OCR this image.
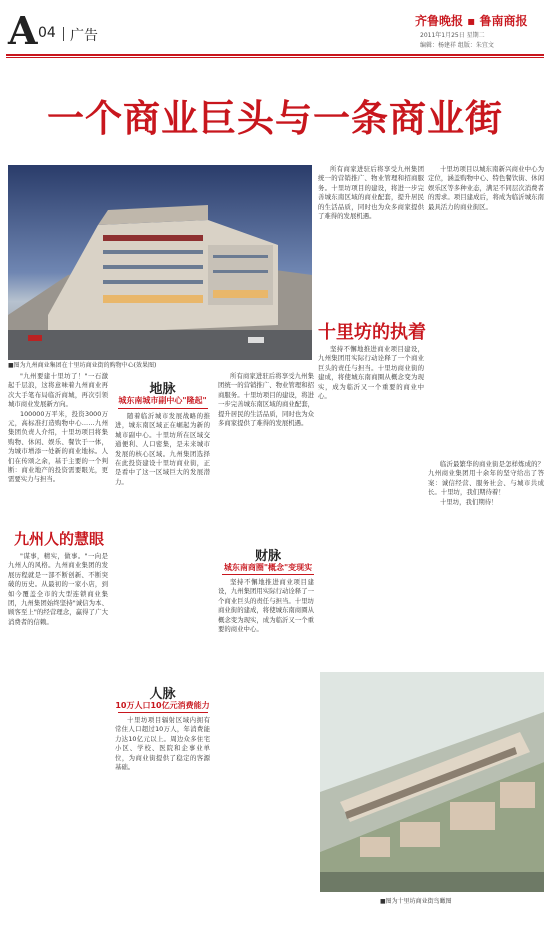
A 04 广告
齐鲁晚报 ▪ 鲁南商报
2011年1月25日 星期二
编辑：杨建祥 组版：朱宜文
一个商业巨头与一条商业街
■图为九州商业集团在十里坊商业街的购物中心(效果图)

所有商家进驻后将享受九州集团统一的营销推广、物业管理和招商服务。十里坊项目的建设，将进一步完善城东南区域的商业配套，提升居民的生活品质，同时也为众多商家提供了难得的发展机遇。

十里坊项目以城东南新兴商业中心为定位，涵盖购物中心、特色餐饮街、休闲娱乐区等多种业态，满足不同层次消费者的需求。项目建成后，将成为临沂城东南最具活力的商业街区。

十里坊的执着

坚持不懈地推进商业项目建设，九州集团用实际行动诠释了一个商业巨头的责任与担当。十里坊商业街的建成，将使城东南商圈从概念变为现实，成为临沂又一个重要的商业中心。

"九州要建十里坊了！"一石激起千层浪，这将意味着九州商业再次大手笔布局临沂商城，再次引领城市商业发展新方向。

100000万平米，投资3000万元，高标准打造购物中心……九州集团负责人介绍，十里坊项目将集购物、休闲、娱乐、餐饮于一体，为城市增添一处新的商业地标。人们在传颂之余，基于主要的一个判断：商业地产的投资需要眼光，更需要实力与担当。

九州人的慧眼

"谋事，精实，做事。"一向是九州人的风格。九州商业集团的发展历程就是一部不断创新、不断突破的历史。从最初的一家小店，到如今覆盖全市的大型连锁商业集团，九州集团始终坚持"诚信为本、顾客至上"的经营理念，赢得了广大消费者的信赖。

地脉
城东南城市副中心"隆起"

随着临沂城市发展战略的推进，城东南区域正在崛起为新的城市副中心。十里坊所在区域交通便利、人口密集，是未来城市发展的核心区域。九州集团选择在此投资建设十里坊商业街，正是看中了这一区域巨大的发展潜力。

人脉
10万人口10亿元消费能力

十里坊项目辐射区域内拥有常住人口超过10万人，年消费能力达10亿元以上。周边众多住宅小区、学校、医院和企事业单位，为商业街提供了稳定的客源基础。

财脉
城东南商圈"概念"变现实

所有商家进驻后将享受九州集团统一的营销推广、物业管理和招商服务。十里坊项目的建设，将进一步完善城东南区域的商业配套，提升居民的生活品质，同时也为众多商家提供了难得的发展机遇。

坚持不懈地推进商业项目建设，九州集团用实际行动诠释了一个商业巨头的责任与担当。十里坊商业街的建成，将使城东南商圈从概念变为现实，成为临沂又一个重要的商业中心。

临沂最繁华的商业街是怎样炼成的？九州商业集团用十余年的坚守给出了答案：诚信经营、服务社会、与城市共成长。十里坊，我们期待着！

十里坊，我们期待！

■图为十里坊商业街鸟瞰图
